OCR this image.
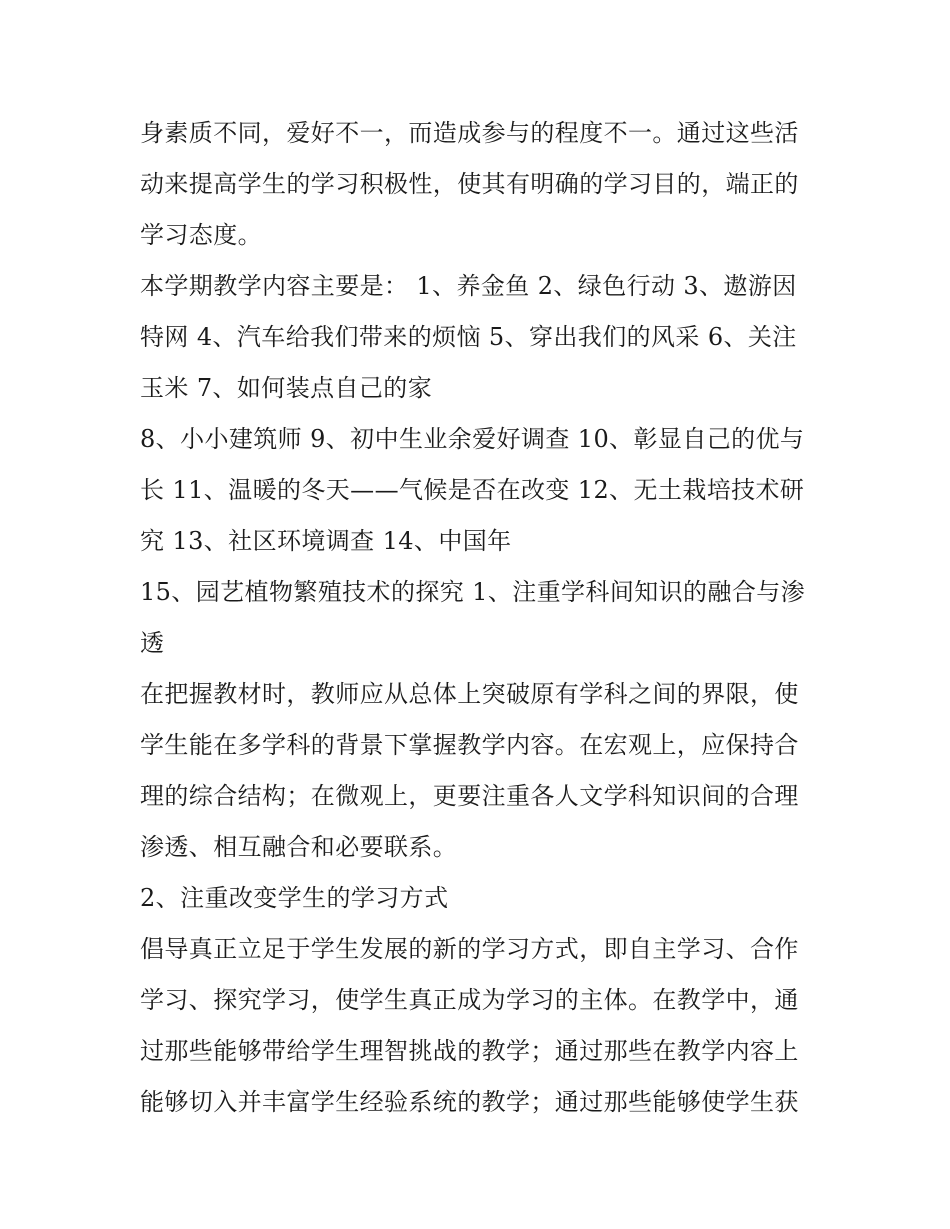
身素质不同，爱好不一，而造成参与的程度不一。通过这些活
动来提高学生的学习积极性，使其有明确的学习目的，端正的
学习态度。
本学期教学内容主要是： 1、养金鱼 2、绿色行动 3、遨游因
特网 4、汽车给我们带来的烦恼 5、穿出我们的风采 6、关注
玉米 7、如何装点自己的家
8、小小建筑师 9、初中生业余爱好调查 10、彰显自己的优与
长 11、温暖的冬天——气候是否在改变 12、无土栽培技术研
究 13、社区环境调查 14、中国年
15、园艺植物繁殖技术的探究 1、注重学科间知识的融合与渗
透
在把握教材时，教师应从总体上突破原有学科之间的界限，使
学生能在多学科的背景下掌握教学内容。在宏观上，应保持合
理的综合结构；在微观上，更要注重各人文学科知识间的合理
渗透、相互融合和必要联系。
2、注重改变学生的学习方式
倡导真正立足于学生发展的新的学习方式，即自主学习、合作
学习、探究学习，使学生真正成为学习的主体。在教学中，通
过那些能够带给学生理智挑战的教学；通过那些在教学内容上
能够切入并丰富学生经验系统的教学；通过那些能够使学生获
